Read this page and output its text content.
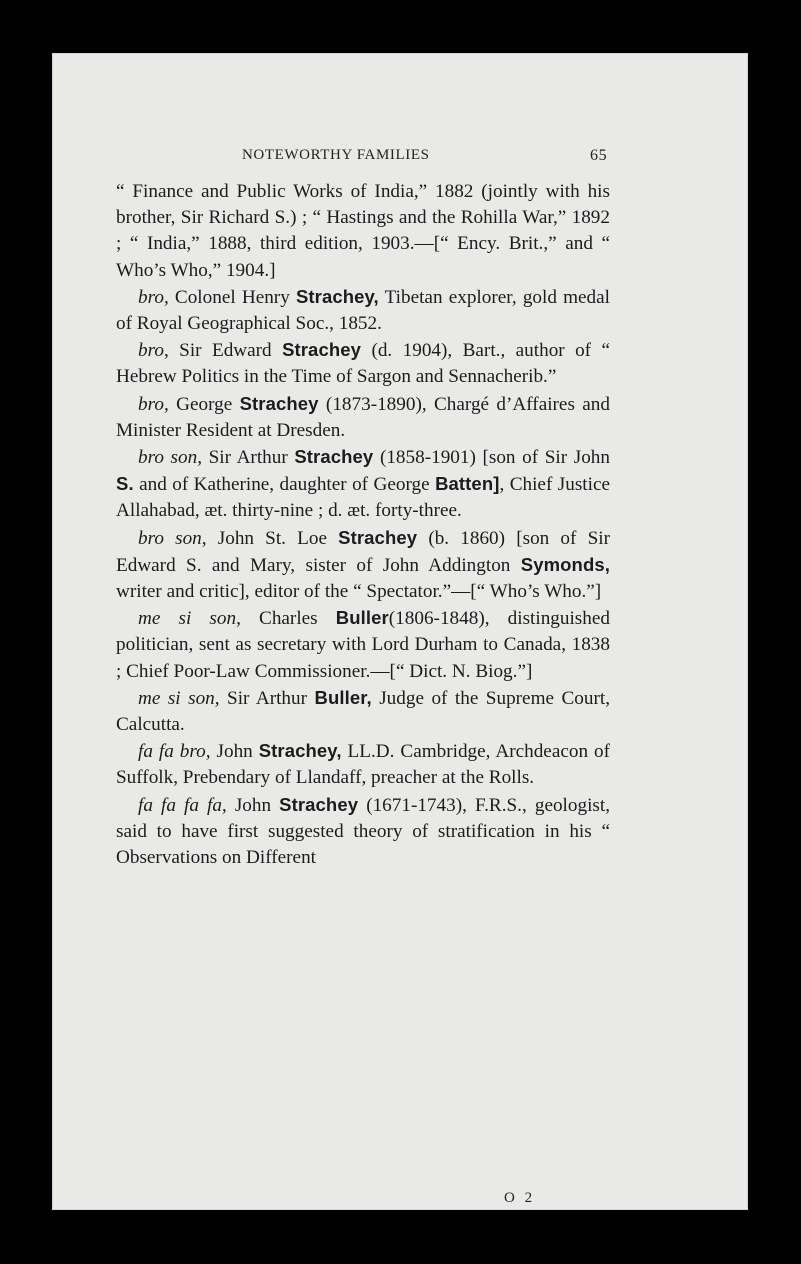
NOTEWORTHY FAMILIES	65

“ Finance and Public Works of India,” 1882 (jointly with his brother, Sir Richard S.) ; “ Hastings and the Rohilla War,” 1892 ; “ India,” 1888, third edition, 1903.—[“ Ency. Brit.,” and “ Who’s Who,” 1904.]

bro, Colonel Henry Strachey, Tibetan explorer, gold medal of Royal Geographical Soc., 1852.

bro, Sir Edward Strachey (d. 1904), Bart., author of “ Hebrew Politics in the Time of Sargon and Sennacherib.”

bro, George Strachey (1873-1890), Chargé d’Affaires and Minister Resident at Dresden.

bro son, Sir Arthur Strachey (1858-1901) [son of Sir John S. and of Katherine, daughter of George Batten], Chief Justice Allahabad, æt. thirty-nine ; d. æt. forty-three.

bro son, John St. Loe Strachey (b. 1860) [son of Sir Edward S. and Mary, sister of John Addington Symonds, writer and critic], editor of the “ Spectator.”—[“ Who’s Who.”]

me si son, Charles Buller(1806-1848), distinguished politician, sent as secretary with Lord Durham to Canada, 1838 ; Chief Poor-Law Commissioner.—[“ Dict. N. Biog.”]

me si son, Sir Arthur Buller, Judge of the Supreme Court, Calcutta.

fa fa bro, John Strachey, LL.D. Cambridge, Archdeacon of Suffolk, Prebendary of Llandaff, preacher at the Rolls.

fa fa fa fa, John Strachey (1671-1743), F.R.S., geologist, said to have first suggested theory of stratification in his “ Observations on Different

O 2
